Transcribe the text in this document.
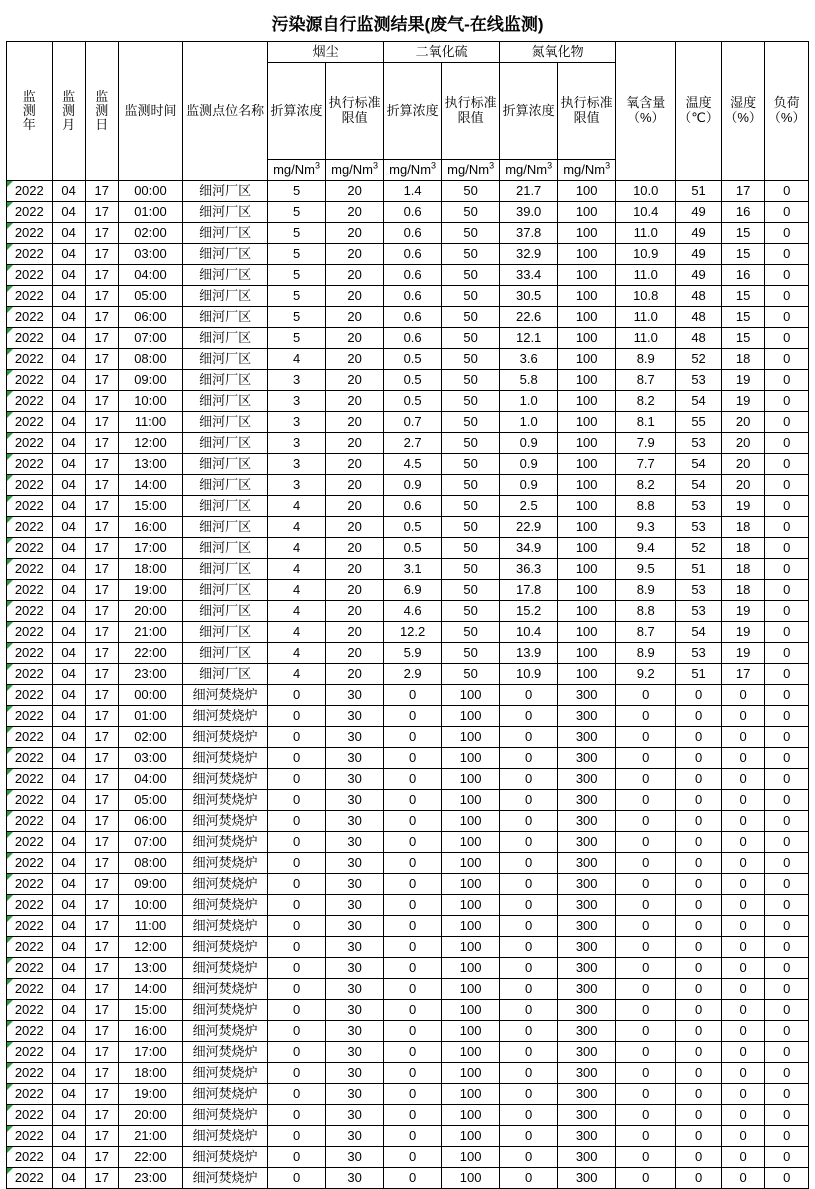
污染源自行监测结果(废气-在线监测)
监测年	监测月	监测日	监测时间	监测点位名称	烟尘		二氧化硫		氮氧化物		氧含量（%）	温度（℃）	湿度（%）	负荷（%）
					折算浓度	执行标准限值	折算浓度	执行标准限值	折算浓度	执行标准限值				
					mg/Nm$^3$	mg/Nm$^3$	mg/Nm$^3$	mg/Nm$^3$	mg/Nm$^3$	mg/Nm$^3$
2022	04	17	00:00	细河厂区	5	20	1.4	50	21.7	100	10.0	51	17	0
2022	04	17	01:00	细河厂区	5	20	0.6	50	39.0	100	10.4	49	16	0
2022	04	17	02:00	细河厂区	5	20	0.6	50	37.8	100	11.0	49	15	0
2022	04	17	03:00	细河厂区	5	20	0.6	50	32.9	100	10.9	49	15	0
2022	04	17	04:00	细河厂区	5	20	0.6	50	33.4	100	11.0	49	16	0
2022	04	17	05:00	细河厂区	5	20	0.6	50	30.5	100	10.8	48	15	0
2022	04	17	06:00	细河厂区	5	20	0.6	50	22.6	100	11.0	48	15	0
2022	04	17	07:00	细河厂区	5	20	0.6	50	12.1	100	11.0	48	15	0
2022	04	17	08:00	细河厂区	4	20	0.5	50	3.6	100	8.9	52	18	0
2022	04	17	09:00	细河厂区	3	20	0.5	50	5.8	100	8.7	53	19	0
2022	04	17	10:00	细河厂区	3	20	0.5	50	1.0	100	8.2	54	19	0
2022	04	17	11:00	细河厂区	3	20	0.7	50	1.0	100	8.1	55	20	0
2022	04	17	12:00	细河厂区	3	20	2.7	50	0.9	100	7.9	53	20	0
2022	04	17	13:00	细河厂区	3	20	4.5	50	0.9	100	7.7	54	20	0
2022	04	17	14:00	细河厂区	3	20	0.9	50	0.9	100	8.2	54	20	0
2022	04	17	15:00	细河厂区	4	20	0.6	50	2.5	100	8.8	53	19	0
2022	04	17	16:00	细河厂区	4	20	0.5	50	22.9	100	9.3	53	18	0
2022	04	17	17:00	细河厂区	4	20	0.5	50	34.9	100	9.4	52	18	0
2022	04	17	18:00	细河厂区	4	20	3.1	50	36.3	100	9.5	51	18	0
2022	04	17	19:00	细河厂区	4	20	6.9	50	17.8	100	8.9	53	18	0
2022	04	17	20:00	细河厂区	4	20	4.6	50	15.2	100	8.8	53	19	0
2022	04	17	21:00	细河厂区	4	20	12.2	50	10.4	100	8.7	54	19	0
2022	04	17	22:00	细河厂区	4	20	5.9	50	13.9	100	8.9	53	19	0
2022	04	17	23:00	细河厂区	4	20	2.9	50	10.9	100	9.2	51	17	0
2022	04	17	00:00	细河焚烧炉	0	30	0	100	0	300	0	0	0	0
2022	04	17	01:00	细河焚烧炉	0	30	0	100	0	300	0	0	0	0
2022	04	17	02:00	细河焚烧炉	0	30	0	100	0	300	0	0	0	0
2022	04	17	03:00	细河焚烧炉	0	30	0	100	0	300	0	0	0	0
2022	04	17	04:00	细河焚烧炉	0	30	0	100	0	300	0	0	0	0
2022	04	17	05:00	细河焚烧炉	0	30	0	100	0	300	0	0	0	0
2022	04	17	06:00	细河焚烧炉	0	30	0	100	0	300	0	0	0	0
2022	04	17	07:00	细河焚烧炉	0	30	0	100	0	300	0	0	0	0
2022	04	17	08:00	细河焚烧炉	0	30	0	100	0	300	0	0	0	0
2022	04	17	09:00	细河焚烧炉	0	30	0	100	0	300	0	0	0	0
2022	04	17	10:00	细河焚烧炉	0	30	0	100	0	300	0	0	0	0
2022	04	17	11:00	细河焚烧炉	0	30	0	100	0	300	0	0	0	0
2022	04	17	12:00	细河焚烧炉	0	30	0	100	0	300	0	0	0	0
2022	04	17	13:00	细河焚烧炉	0	30	0	100	0	300	0	0	0	0
2022	04	17	14:00	细河焚烧炉	0	30	0	100	0	300	0	0	0	0
2022	04	17	15:00	细河焚烧炉	0	30	0	100	0	300	0	0	0	0
2022	04	17	16:00	细河焚烧炉	0	30	0	100	0	300	0	0	0	0
2022	04	17	17:00	细河焚烧炉	0	30	0	100	0	300	0	0	0	0
2022	04	17	18:00	细河焚烧炉	0	30	0	100	0	300	0	0	0	0
2022	04	17	19:00	细河焚烧炉	0	30	0	100	0	300	0	0	0	0
2022	04	17	20:00	细河焚烧炉	0	30	0	100	0	300	0	0	0	0
2022	04	17	21:00	细河焚烧炉	0	30	0	100	0	300	0	0	0	0
2022	04	17	22:00	细河焚烧炉	0	30	0	100	0	300	0	0	0	0
2022	04	17	23:00	细河焚烧炉	0	30	0	100	0	300	0	0	0	0
